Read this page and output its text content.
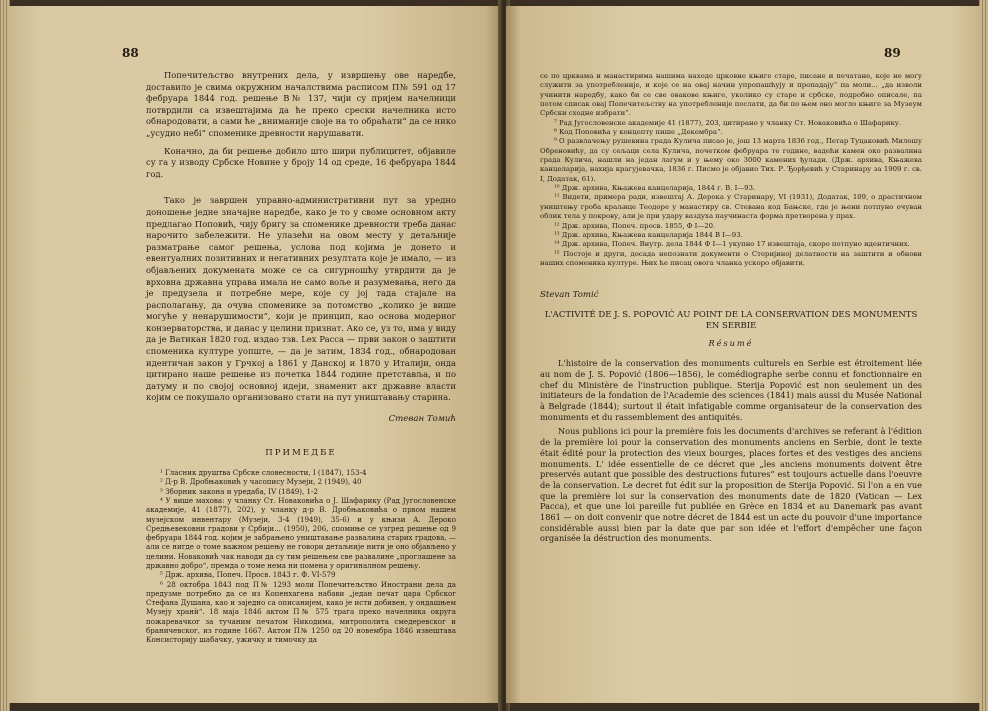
88

Попечитељство внутрених дела, у извршењу ове наредбе, доставило је свима окружним началствима расписом П№ 591 од 17 фебруара 1844 год. решење В№ 137, чији су пријем начелници потврдили са извештајима да ће преко срески начелника исто обнародовати, а сами ће „вниманије своје на то обраћати“ да се нико „усудио небі“ споменике древности нарушавати.

Коначно, да би решење добило што шири публицитет, објавиле су га у изводу Србске Новине у броју 14 од среде, 16 фебруара 1844 год.

Тако је завршен управно-административни пут за уредно доношење једне значајне наредбе, како је то у своме основном акту предлагао Поповић, чију бригу за споменике древности треба данас нарочито забележити. Не улазећи на овом месту у детаљније разматрање самог решења, услова под којима је донето и евентуалних позитивних и негативних резултата које је имало, — из објављених докумената може се са сигурношћу утврдити да је врховна државна управа имала не само воље и разумевања, него да је предузела и потребне мере, које су јој тада стајале на располагању, да очува споменике за потомство „колико је више могуће у ненарушимости“, који је принцип, као основа модерног конзерваторства, и данас у целини признат. Ако се, уз то, има у виду да је Ватикан 1820 год. издао тзв. Lex Pacca — први закон о заштити споменика културе уопште, — да је затим, 1834 год., обнародован идентичан закон у Грчкој а 1861 у Данској и 1870 у Италији, онда цитирано наше решење из почетка 1844 године претставља, и по датуму и по својој основној идеји, знаменит акт државне власти којим се покушало организовано стати на пут уништавању старина.

Стеван Томић
ПРИМЕДБЕ

¹ Гласник друштва Србске словесности, I (1847), 153-4

² Д-р В. Дробњаковић у часопису Музеји, 2 (1949), 40

³ Зборник закона и уредаба, IV (1849), 1-2

⁴ У више махова: у чланку Ст. Новаковића о Ј. Шафарику (Рад Југословенске академије, 41 (1877), 202), у чланку д-р В. Дробњаковића о првом нашем музејском инвентару (Музеји, 3-4 (1949), 35-6) и у књизи А. Дероко Средњевековни градови у Србији... (1950), 206, спомиње се узгред решење од 9 фебруара 1844 год. којим је забрањено уништавање развалина старих градова, — али се нигде о томе важном решењу не говори детаљније нити је оно објављено у целини. Новаковић чак наводи да су тим решењем све развалине „проглашене за државно добро“, премда о томе нема ни помена у оригиналном решењу.

⁵ Држ. архива, Попеч. Просв. 1843 г. Ф. VI-579

⁶ 28 октобра 1843 под П№ 1293 моли Попечитељство Инострани дела да предузме потребно да се из Копенхагена набави „један печат цара Србског Стефана Душана, као и заједно са описанијем, како је исти добивен, у ондашњем Музеју хранѝ“. 18 маја 1846 актом П№ 575 трага преко начелника округа пожаревачког за тучаним печатом Никодима, митрополита смедеревског и браничевског, из године 1667. Актом П№ 1250 од 20 новембра 1846 извештава Консисторију шабачку, ужичку и тимочку да

89

се по црквама и манастирима нашима находе црковне књиге старе, писане и печатане, које не могу служити за употребленије, и које се на овај начин упропашћују и пропадају“ па моли... „да изволи учинити наредбу, како би се све овакове књиге, уколико су старе и србске, подробно описале, па потом списак овај Попечитељству на употребленије послати, да би по њем оно могло књиге за Музеум Србски сходне избрати“.

⁷ Рад Југословенске академије 41 (1877), 203, цитирано у чланку Ст. Новаковића о Шафарику.

⁸ Код Поповића у концепту пише „Декембра“.

⁹ О развлачењу рушевина града Кулича писао је, још 13 марта 1836 год., Петар Туцаковић Милошу Обреновићу, да су сељаци села Кулича, почетком фебруара те године, вадећи камен око развалина града Кулича, нашли на један лагум и у њему око 3000 камених ђулади. (Држ. архива, Књажева канцеларија, нахија крагујевачка, 1836 г. Писмо је објавио Тих. Р. Ђорђевић у Старинару за 1909 г. св. I, Додатак, 61).

¹⁰ Држ. архива, Књажева канцеларија, 1844 г. В. I—93.

¹¹ Видети, примера ради, извештај А. Дерока у Старинару, VI (1931), Додатак, 109, о драстичном уништењу гроба краљице Теодоре у манастиру св. Стевана код Бањске, где је њени потпуно очуван облик тела у покрову, али је при удару ваздуха паучинаста форма претворена у прах.

¹² Држ. архива, Попеч. просв. 1855, Ф I—20.

¹³ Држ. архива, Књажева канцеларија 1844 В I—93.

¹⁴ Држ. архива, Попеч. Внутр. дела 1844 Ф I—1 укупно 17 извештаја, скоро потпуно идентичних.

¹⁵ Постоје и други, досада непознати документи о Стеријиној делатности на заштити и обнови наших споменика културе. Њих ће писац овога чланка ускоро објавити.

Stevan Tomić
L'ACTIVITÉ DE J. S. POPOVIĆ AU POINT DE LA CONSERVATION DES MONUMENTS EN SERBIE
Résumé

L'histoire de la conservation des monuments culturels en Serbie est étroitement liée au nom de J. S. Popović (1806—1856), le comédiographe serbe connu et fonctionnaire en chef du Ministère de l'instruction publique. Sterija Popović est non seulement un des initiateurs de la fondation de l'Academie des sciences (1841) mais aussi du Musée National à Belgrade (1844); surtout il était infatigable comme organisateur de la conservation des monuments et du rassemblement des antiquités.

Nous publions ici pour la première fois les documents d'archives se referant à l'édition de la première loi pour la conservation des monuments anciens en Serbie, dont le texte était édité pour la protection des vieux bourges, places fortes et des vestiges des anciens monuments. L' idée essentielle de ce décret que „les anciens monuments doivent être preservés autant que possible des destructions futures“ est toujours actuelle dans l'oeuvre de la conservation. Le decret fut édit sur la proposition de Sterija Popović. Si l'on a en vue que la première loi sur la conservation des monuments date de 1820 (Vatican — Lex Pacca), et que une loi pareille fut publiée en Grèce en 1834 et au Danemark pas avant 1861 — on doit convenir que notre décret de 1844 est un acte du pouvoir d'une importance considérable aussi bien par la date que par son idée et l'effort d'empêcher une façon organisée la déstruction des monuments.
